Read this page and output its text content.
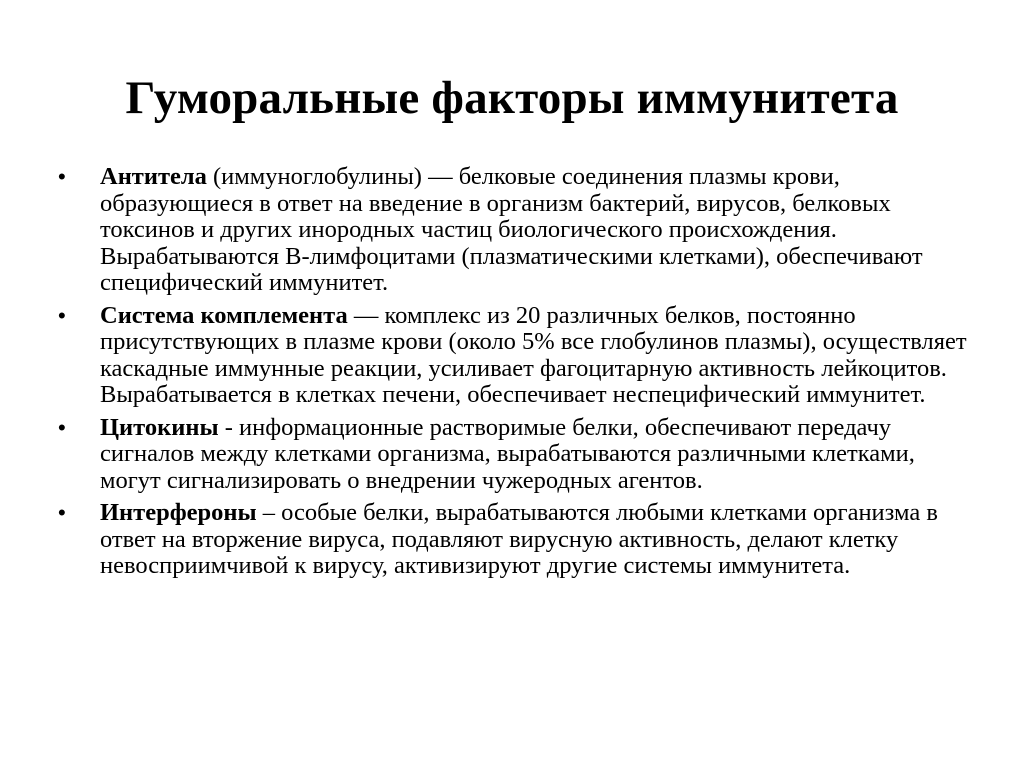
Гуморальные факторы иммунитета
• Антитела (иммуноглобулины) — белковые соединения плазмы крови, образующиеся в ответ на введение в организм бактерий, вирусов, белковых токсинов и других инородных частиц биологического происхождения. Вырабатываются В-лимфоцитами (плазматическими клетками), обеспечивают специфический иммунитет.
• Система комплемента — комплекс из 20 различных белков, постоянно присутствующих в плазме крови (около 5% все глобулинов плазмы), осуществляет каскадные иммунные реакции, усиливает фагоцитарную активность лейкоцитов. Вырабатывается в клетках печени, обеспечивает неспецифический иммунитет.
• Цитокины - информационные растворимые белки, обеспечивают передачу сигналов между клетками организма, вырабатываются различными клетками, могут сигнализировать о внедрении чужеродных агентов.
• Интерфероны – особые белки, вырабатываются любыми клетками организма в ответ на вторжение вируса, подавляют вирусную активность, делают клетку невосприимчивой к вирусу, активизируют другие системы иммунитета.
